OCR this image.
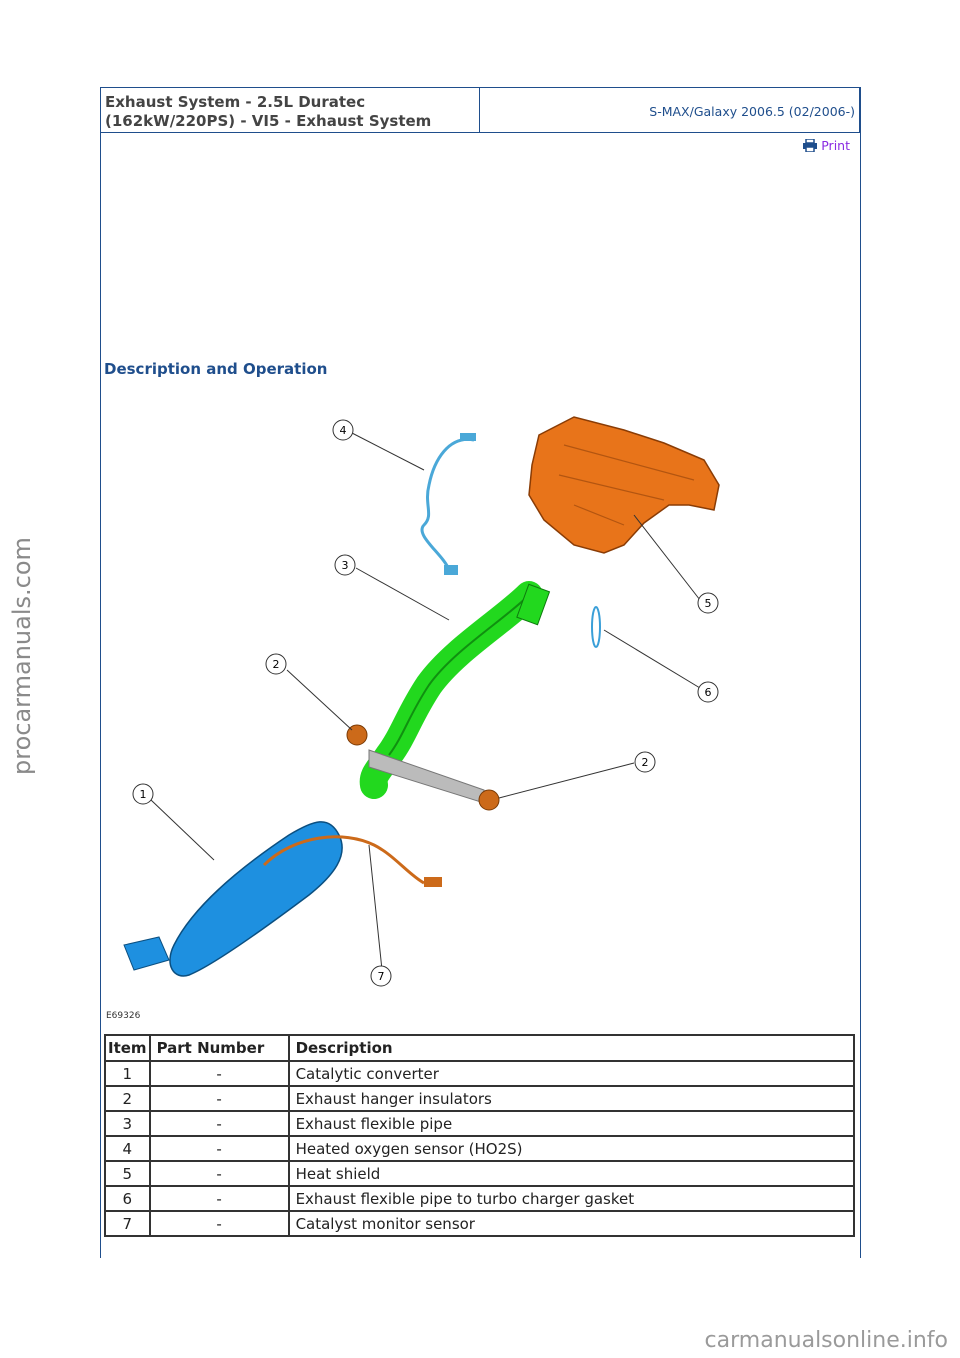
Exhaust System - 2.5L Duratec (162kW/220PS) - VI5 - Exhaust System
S-MAX/Galaxy 2006.5 (02/2006-)
Print
Description and Operation
4
3
2
2
1
5
6
7
E69326
Item	Part Number	Description
1	-	Catalytic converter
2	-	Exhaust hanger insulators
3	-	Exhaust flexible pipe
4	-	Heated oxygen sensor (HO2S)
5	-	Heat shield
6	-	Exhaust flexible pipe to turbo charger gasket
7	-	Catalyst monitor sensor
procarmanuals.com
carmanualsonline.info
